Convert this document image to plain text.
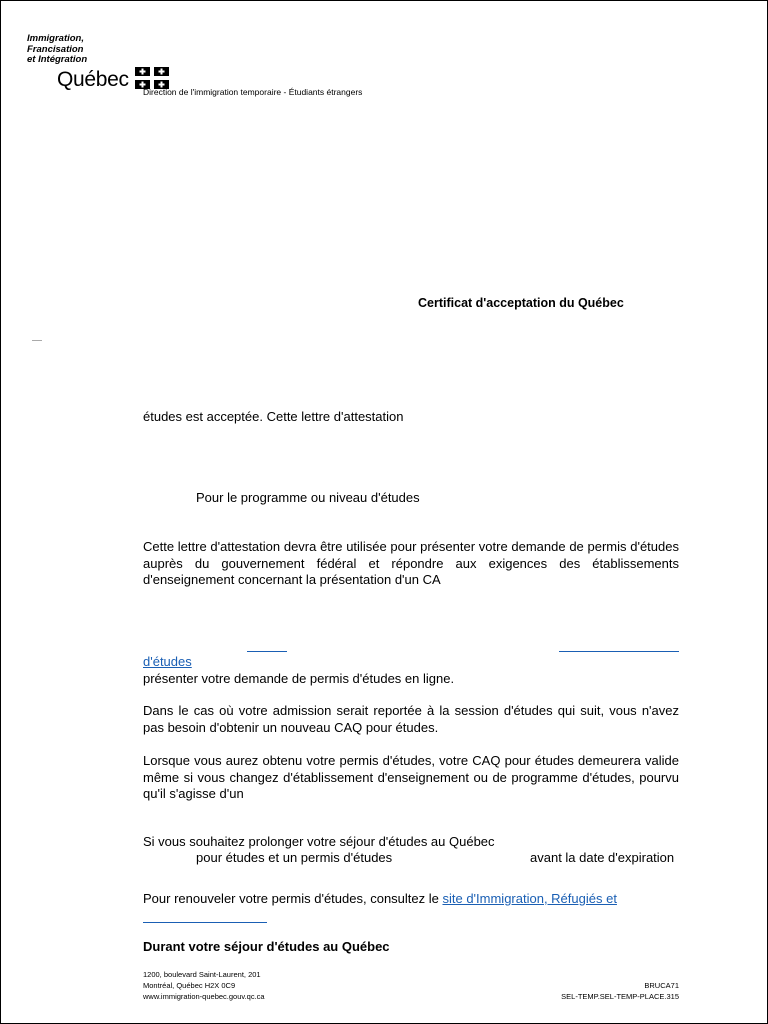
Immigration,
Francisation
et Intégration
Québec
Direction de l'immigration temporaire - Étudiants étrangers
Certificat d'acceptation du Québec
études est acceptée. Cette lettre d'attestation
Pour le programme ou niveau d'études
Cette lettre d'attestation devra être utilisée pour présenter votre demande de permis d'études auprès du gouvernement fédéral et répondre aux exigences des établissements d'enseignement concernant la présentation d'un CA
d'études
présenter votre demande de permis d'études en ligne.
Dans le cas où votre admission serait reportée à la session d'études qui suit, vous n'avez pas besoin d'obtenir un nouveau CAQ pour études.
Lorsque vous aurez obtenu votre permis d'études, votre CAQ pour études demeurera valide même si vous changez d'établissement d'enseignement ou de programme d'études, pourvu qu'il s'agisse d'un
Si vous souhaitez prolonger votre séjour d'études au Québec
pour études et un permis d'études	avant la date d'expiration
Pour renouveler votre permis d'études, consultez le site d'Immigration, Réfugiés et
Durant votre séjour d'études au Québec
1200, boulevard Saint-Laurent, 201
Montréal, Québec H2X 0C9
www.immigration-quebec.gouv.qc.ca
BRUCA71
SEL-TEMP.SEL-TEMP-PLACE.315
